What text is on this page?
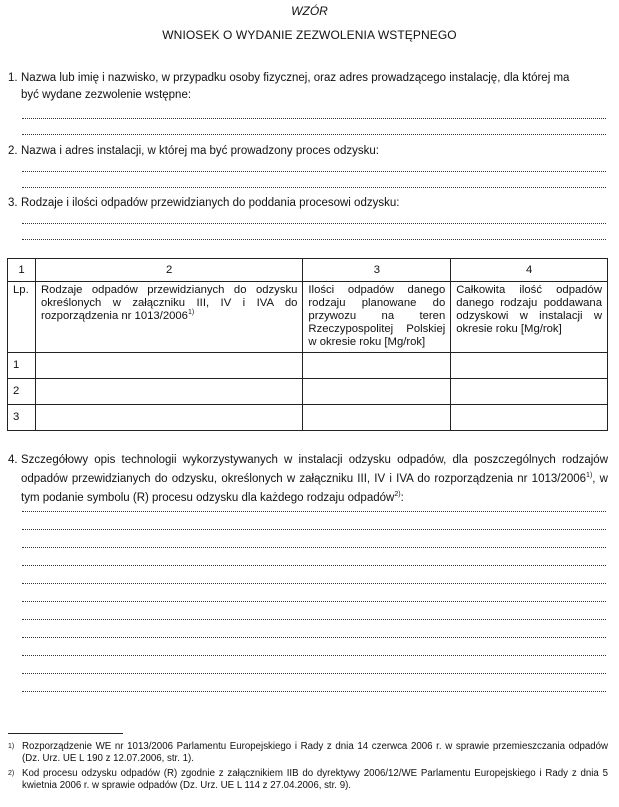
WZÓR
WNIOSEK O WYDANIE ZEZWOLENIA WSTĘPNEGO
1. Nazwa lub imię i nazwisko, w przypadku osoby fizycznej, oraz adres prowadzącego instalację, dla której ma
być wydane zezwolenie wstępne:
2. Nazwa i adres instalacji, w której ma być prowadzony proces odzysku:
3. Rodzaje i ilości odpadów przewidzianych do poddania procesowi odzysku:
1	2	3	4
Lp.	Rodzaje odpadów przewidzianych do odzysku określonych w załączniku III, IV i IVA do rozporządzenia nr 1013/2006$^{1)}$	Ilości odpadów danego rodzaju planowane do przywozu na teren Rzeczypospolitej Polskiej w okresie roku [Mg/rok]	Całkowita ilość odpadów danego rodzaju poddawana odzyskowi w instalacji w okresie roku [Mg/rok]
1			
2			
3			
4. Szczegółowy opis technologii wykorzystywanych w instalacji odzysku odpadów, dla poszczególnych rodzajów odpadów przewidzianych do odzysku, określonych w załączniku III, IV i IVA do rozporządzenia nr 1013/2006$^{1)}$, w tym podanie symbolu (R) procesu odzysku dla każdego rodzaju odpadów$^{2)}$:
1) Rozporządzenie WE nr 1013/2006 Parlamentu Europejskiego i Rady z dnia 14 czerwca 2006 r. w sprawie przemieszczania odpadów (Dz. Urz. UE L 190 z 12.07.2006, str. 1).
2) Kod procesu odzysku odpadów (R) zgodnie z załącznikiem IIB do dyrektywy 2006/12/WE Parlamentu Europejskiego i Rady z dnia 5 kwietnia 2006 r. w sprawie odpadów (Dz. Urz. UE L 114 z 27.04.2006, str. 9).
